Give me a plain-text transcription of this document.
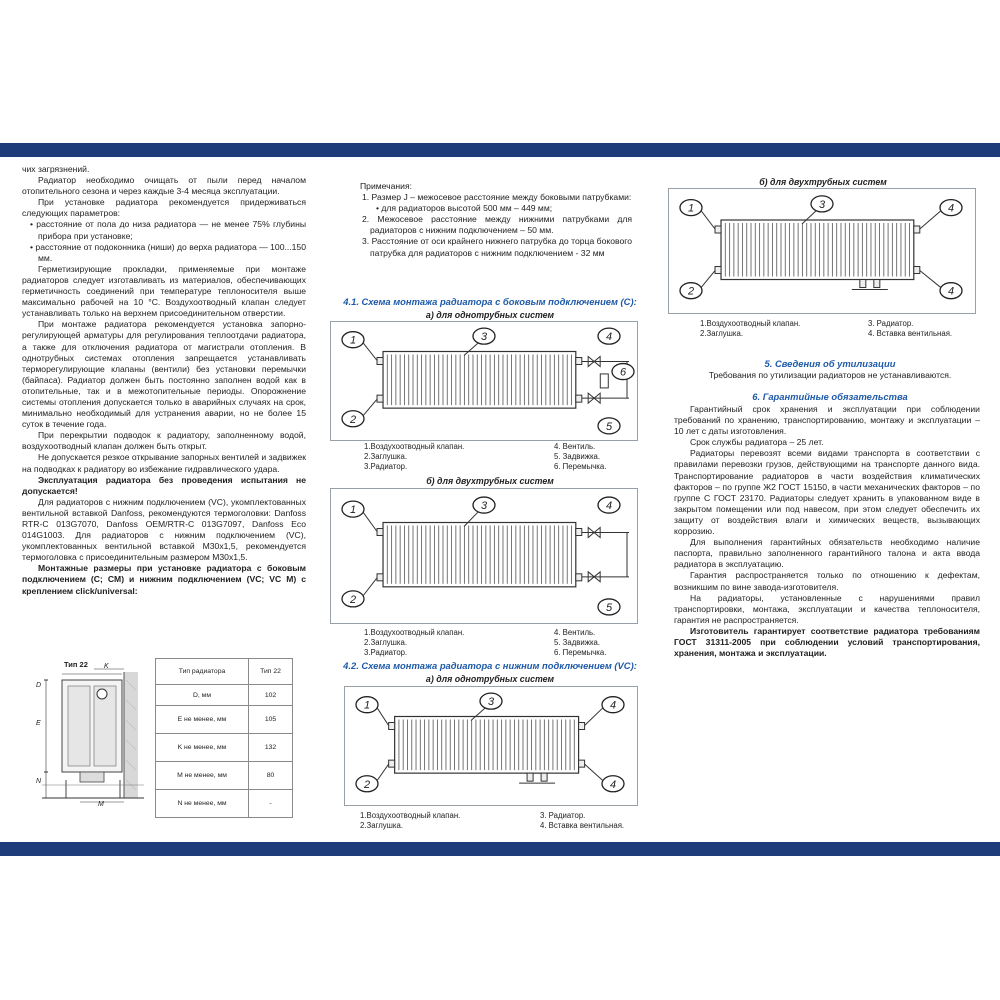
чих загрязнений.

Радиатор необходимо очищать от пыли перед началом отопительного сезона и через каждые 3-4 месяца эксплуатации.

При установке радиатора рекомендуется придерживаться следующих параметров:

• расстояние от пола до низа радиатора — не менее 75% глубины прибора при установке;

• расстояние от подоконника (ниши) до верха радиатора — 100...150 мм.

Герметизирующие прокладки, применяемые при монтаже радиаторов следует изготавливать из материалов, обеспечивающих герметичность соединений при температуре теплоносителя выше максимально рабочей на 10 °С. Воздухоотводный клапан следует устанавливать только на верхнем присоединительном отверстии.

При монтаже радиатора рекомендуется установка запорно-регулирующей арматуры для регулирования теплоотдачи радиатора, а также для отключения радиатора от магистрали отопления. В однотрубных системах отопления запрещается устанавливать терморегулирующие клапаны (вентили) без установки перемычки (байпаса). Радиатор должен быть постоянно заполнен водой как в отопительные, так и в межотопительные периоды. Опорожнение системы отопления допускается только в аварийных случаях на срок, минимально необходимый для устранения аварии, но не более 15 суток в течение года.

При перекрытии подводок к радиатору, заполненному водой, воздухоотводный клапан должен быть открыт.

Не допускается резкое открывание запорных вентилей и задвижек на подводках к радиатору во избежание гидравлического удара.

Эксплуатация радиатора без проведения испытания не допускается!

Для радиаторов с нижним подключением (VC), укомплектованных вентильной вставкой Danfoss, рекомендуются термоголовки: Danfoss RTR-C 013G7070, Danfoss OEM/RTR-C 013G7097, Danfoss Eco 014G1003. Для радиаторов с нижним подключением (VC), укомплектованных вентильной вставкой M30x1,5, рекомендуется термоголовка с присоединительным размером M30x1,5.

Монтажные размеры при установке радиатора с боковым подключением (C; CM) и нижним подключением (VC; VC M) с креплением click/universal:

Тип 22
D
K
E
N
M
Тип радиатора	Тип 22
D, мм	102
E не менее, мм	105
K не менее, мм	132
M не менее, мм	80
N не менее, мм	-

Примечания:

1. Размер J – межосевое расстояние между боковыми патрубками:

• для радиаторов высотой 500 мм – 449 мм;

2. Межосевое расстояние между нижними патрубками для радиаторов с нижним подключением – 50 мм.

3. Расстояние от оси крайнего нижнего патрубка до торца бокового патрубка для радиаторов с нижним подключением - 32 мм

4.1. Схема монтажа радиатора с боковым подключением (C):
а) для однотрубных систем
б) для двухтрубных систем
4.2. Схема монтажа радиатора с нижним подключением (VC):
а) для однотрубных систем
1
2
3	4
5
6
1.Воздухоотводный клапан.
2.Заглушка.
3.Радиатор.
4. Вентиль.
5. Задвижка.
6. Перемычка.
1
2
3	4
5
1.Воздухоотводный клапан.
2.Заглушка.
3.Радиатор.
4. Вентиль.
5. Задвижка.
6. Перемычка.
1
2
3	4
4
1.Воздухоотводный клапан.
2.Заглушка.
3. Радиатор.
4. Вставка вентильная.
б) для двухтрубных систем
1
2
3	4
4
1.Воздухоотводный клапан.
2.Заглушка.
3. Радиатор.
4. Вставка вентильная.
5. Сведения об утилизации

Требования по утилизации радиаторов не устанавливаются.

6. Гарантийные обязательства

Гарантийный срок хранения и эксплуатации при соблюдении требований по хранению, транспортированию, монтажу и эксплуатации – 10 лет с даты изготовления.

Срок службы радиатора – 25 лет.

Радиаторы перевозят всеми видами транспорта в соответствии с правилами перевозки грузов, действующими на транспорте данного вида. Транспортирование радиаторов в части воздействия климатических факторов – по группе Ж2 ГОСТ 15150, в части механических факторов – по группе С ГОСТ 23170. Радиаторы следует хранить в упакованном виде в закрытом помещении или под навесом, при этом следует обеспечить их защиту от воздействия влаги и химических веществ, вызывающих коррозию.

Для выполнения гарантийных обязательств необходимо наличие паспорта, правильно заполненного гарантийного талона и акта ввода радиатора в эксплуатацию.

Гарантия распространяется только по отношению к дефектам, возникшим по вине завода-изготовителя.

На радиаторы, установленные с нарушениями правил транспортировки, монтажа, эксплуатации и качества теплоносителя, гарантия не распространяется.

Изготовитель гарантирует соответствие радиатора требованиям ГОСТ 31311-2005 при соблюдении условий транспортирования, хранения, монтажа и эксплуатации.
